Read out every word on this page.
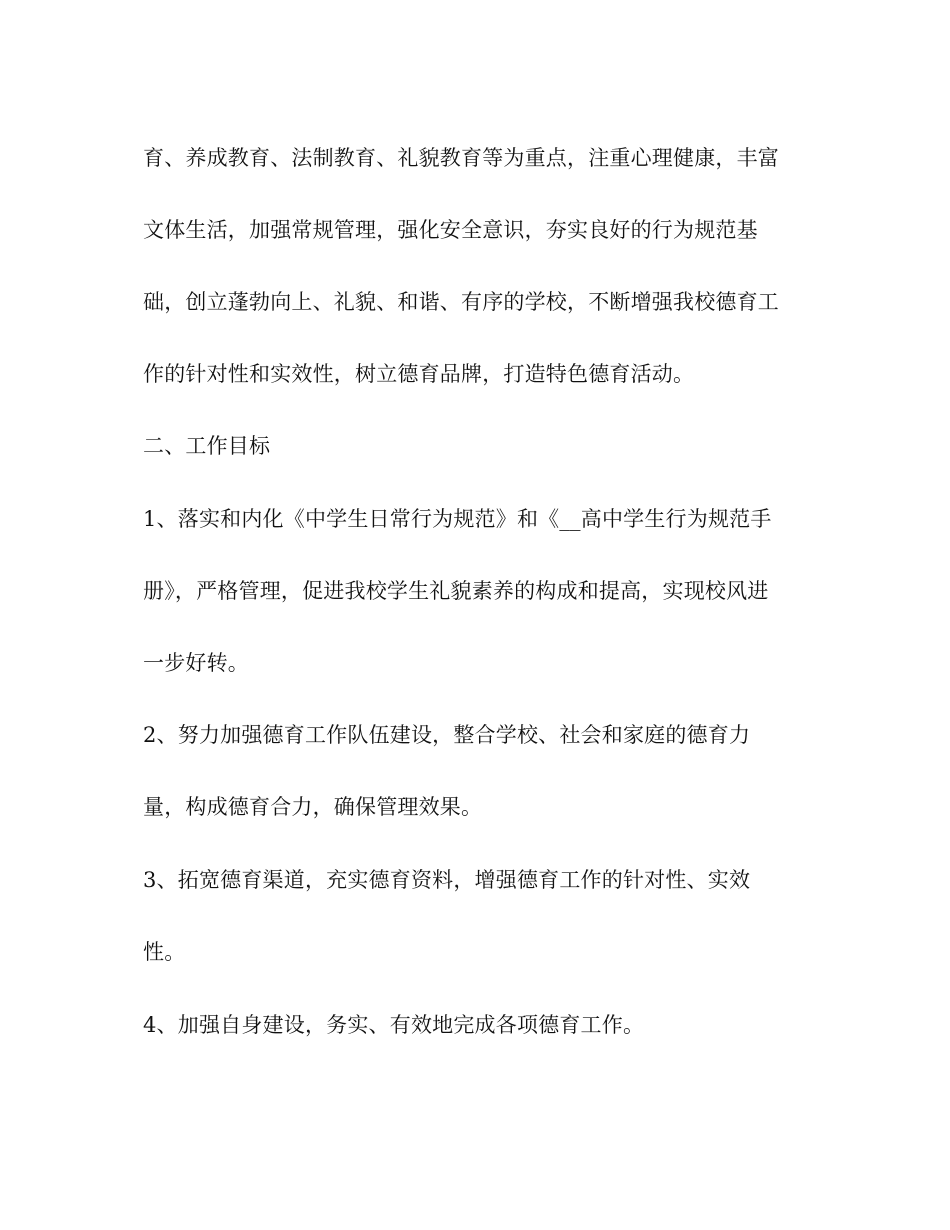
育、养成教育、法制教育、礼貌教育等为重点，注重心理健康，丰富
文体生活，加强常规管理，强化安全意识，夯实良好的行为规范基
础，创立蓬勃向上、礼貌、和谐、有序的学校，不断增强我校德育工
作的针对性和实效性，树立德育品牌，打造特色德育活动。
二、工作目标
1、落实和内化《中学生日常行为规范》和《__高中学生行为规范手
册》，严格管理，促进我校学生礼貌素养的构成和提高，实现校风进
一步好转。
2、努力加强德育工作队伍建设，整合学校、社会和家庭的德育力
量，构成德育合力，确保管理效果。
3、拓宽德育渠道，充实德育资料，增强德育工作的针对性、实效
性。
4、加强自身建设，务实、有效地完成各项德育工作。
